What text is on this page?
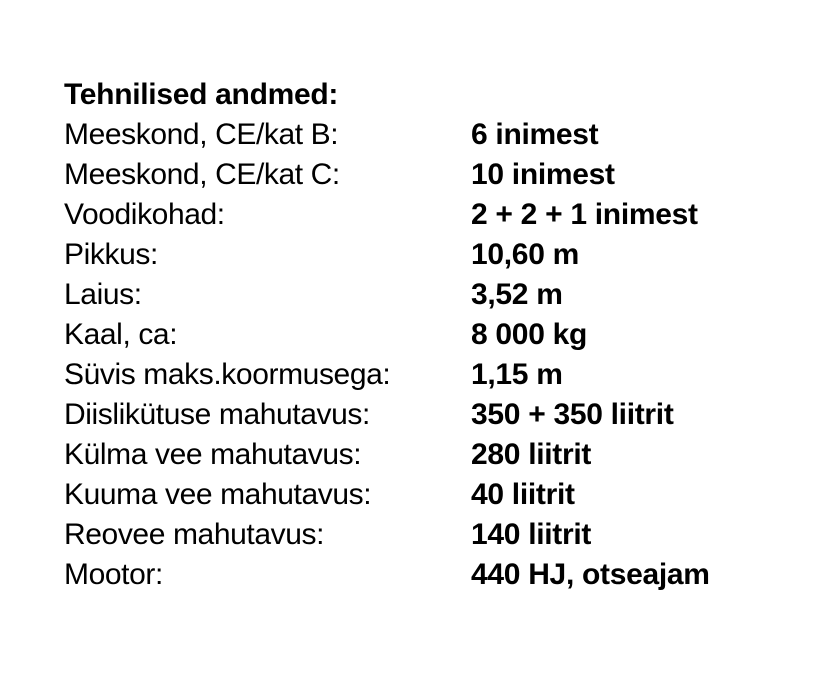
Tehnilised andmed:
Meeskond, CE/kat B:	6 inimest
Meeskond, CE/kat C:	10 inimest
Voodikohad:	2 + 2 + 1 inimest
Pikkus:	10,60 m
Laius:	3,52 m
Kaal, ca:	8 000 kg
Süvis maks.koormusega:	1,15 m
Diislikütuse mahutavus:	350 + 350 liitrit
Külma vee mahutavus:	280 liitrit
Kuuma vee mahutavus:	40 liitrit
Reovee mahutavus:	140 liitrit
Mootor:	440 HJ, otseajam
